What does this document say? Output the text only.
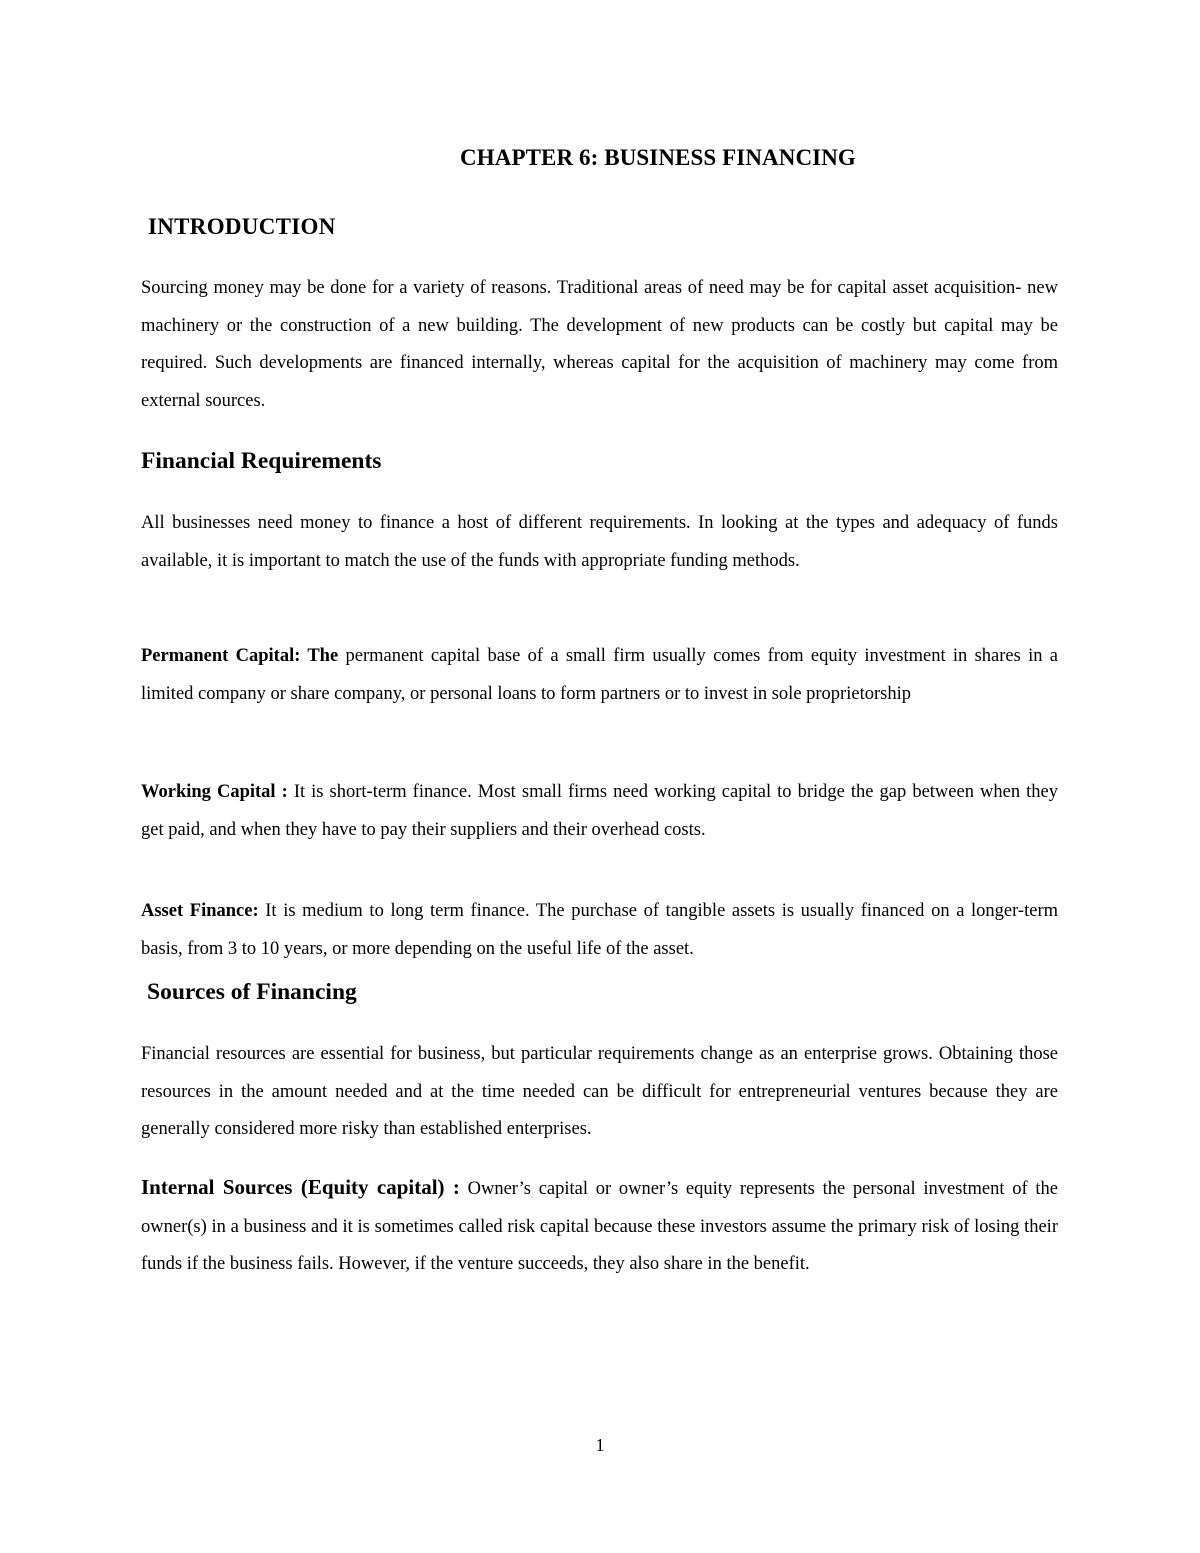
CHAPTER 6: BUSINESS FINANCING
INTRODUCTION

Sourcing money may be done for a variety of reasons. Traditional areas of need may be for capital asset acquisition- new machinery or the construction of a new building. The development of new products can be costly but capital may be required. Such developments are financed internally, whereas capital for the acquisition of machinery may come from external sources.

Financial Requirements

All businesses need money to finance a host of different requirements. In looking at the types and adequacy of funds available, it is important to match the use of the funds with appropriate funding methods.

Permanent Capital: The permanent capital base of a small firm usually comes from equity investment in shares in a limited company or share company, or personal loans to form partners or to invest in sole proprietorship

Working Capital : It is short-term finance. Most small firms need working capital to bridge the gap between when they get paid, and when they have to pay their suppliers and their overhead costs.

Asset Finance: It is medium to long term finance. The purchase of tangible assets is usually financed on a longer-term basis, from 3 to 10 years, or more depending on the useful life of the asset.

Sources of Financing

Financial resources are essential for business, but particular requirements change as an enterprise grows. Obtaining those resources in the amount needed and at the time needed can be difficult for entrepreneurial ventures because they are generally considered more risky than established enterprises.

Internal Sources (Equity capital) : Owner’s capital or owner’s equity represents the personal investment of the owner(s) in a business and it is sometimes called risk capital because these investors assume the primary risk of losing their funds if the business fails. However, if the venture succeeds, they also share in the benefit.

1
